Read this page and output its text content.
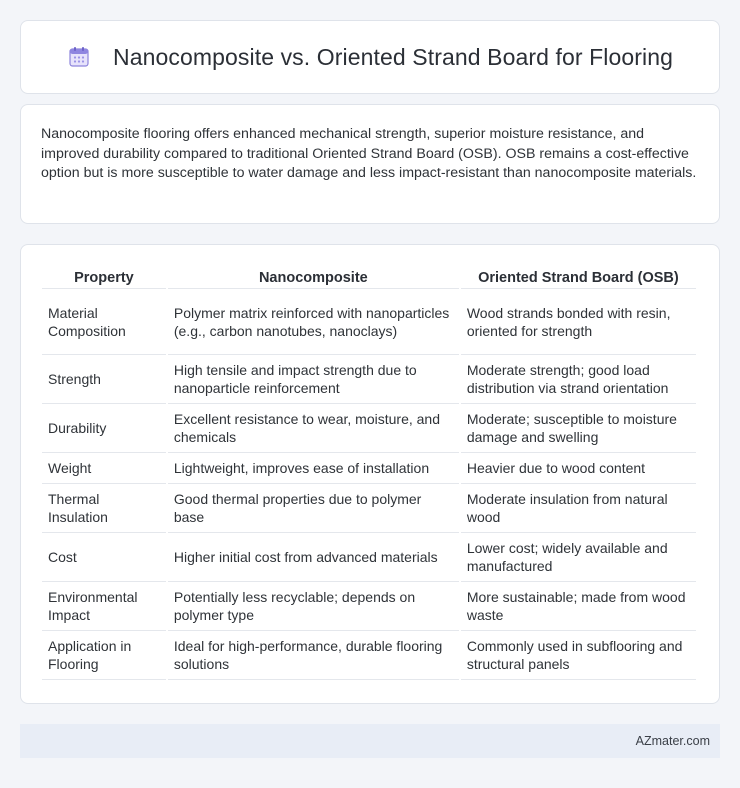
Nanocomposite vs. Oriented Strand Board for Flooring

Nanocomposite flooring offers enhanced mechanical strength, superior moisture resistance, and improved durability compared to traditional Oriented Strand Board (OSB). OSB remains a cost-effective option but is more susceptible to water damage and less impact-resistant than nanocomposite materials.

Property	Nanocomposite	Oriented Strand Board (OSB)
Material Composition	Polymer matrix reinforced with nanoparticles (e.g., carbon nanotubes, nanoclays)	Wood strands bonded with resin, oriented for strength
Strength	High tensile and impact strength due to nanoparticle reinforcement	Moderate strength; good load distribution via strand orientation
Durability	Excellent resistance to wear, moisture, and chemicals	Moderate; susceptible to moisture damage and swelling
Weight	Lightweight, improves ease of installation	Heavier due to wood content
Thermal Insulation	Good thermal properties due to polymer base	Moderate insulation from natural wood
Cost	Higher initial cost from advanced materials	Lower cost; widely available and manufactured
Environmental Impact	Potentially less recyclable; depends on polymer type	More sustainable; made from wood waste
Application in Flooring	Ideal for high-performance, durable flooring solutions	Commonly used in subflooring and structural panels
AZmater.com
